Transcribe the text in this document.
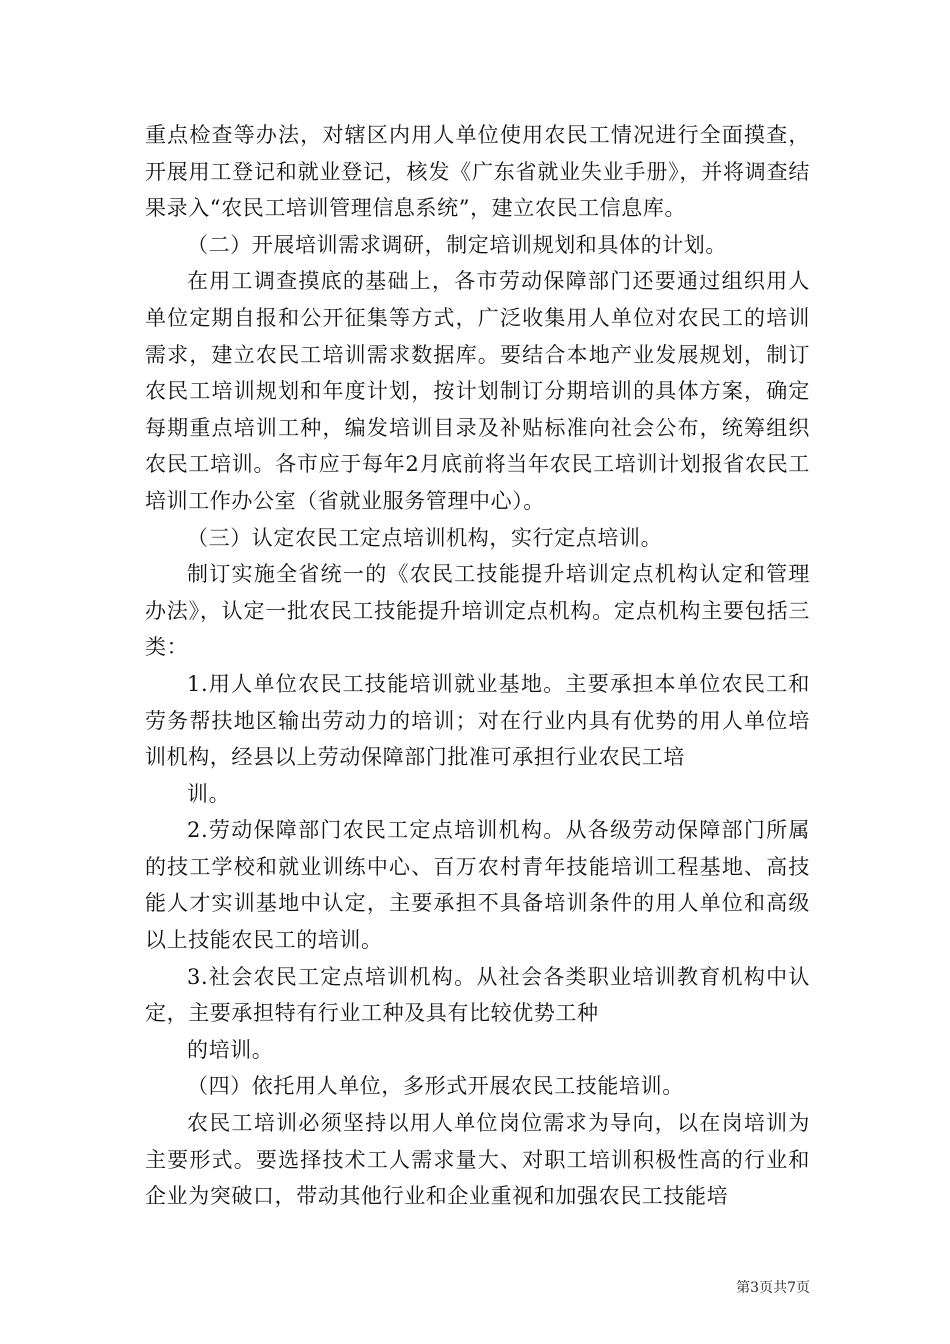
重点检查等办法，对辖区内用人单位使用农民工情况进行全面摸查，开展用工登记和就业登记，核发《广东省就业失业手册》，并将调查结果录入“农民工培训管理信息系统”，建立农民工信息库。

（二）开展培训需求调研，制定培训规划和具体的计划。

在用工调查摸底的基础上，各市劳动保障部门还要通过组织用人单位定期自报和公开征集等方式，广泛收集用人单位对农民工的培训需求，建立农民工培训需求数据库。要结合本地产业发展规划，制订农民工培训规划和年度计划，按计划制订分期培训的具体方案，确定每期重点培训工种，编发培训目录及补贴标准向社会公布，统筹组织农民工培训。各市应于每年2月底前将当年农民工培训计划报省农民工培训工作办公室（省就业服务管理中心）。

（三）认定农民工定点培训机构，实行定点培训。

制订实施全省统一的《农民工技能提升培训定点机构认定和管理办法》，认定一批农民工技能提升培训定点机构。定点机构主要包括三类：

1.用人单位农民工技能培训就业基地。主要承担本单位农民工和劳务帮扶地区输出劳动力的培训；对在行业内具有优势的用人单位培训机构，经县以上劳动保障部门批准可承担行业农民工培

训。

2.劳动保障部门农民工定点培训机构。从各级劳动保障部门所属的技工学校和就业训练中心、百万农村青年技能培训工程基地、高技能人才实训基地中认定，主要承担不具备培训条件的用人单位和高级以上技能农民工的培训。

3.社会农民工定点培训机构。从社会各类职业培训教育机构中认定，主要承担特有行业工种及具有比较优势工种

的培训。

（四）依托用人单位，多形式开展农民工技能培训。

农民工培训必须坚持以用人单位岗位需求为导向，以在岗培训为主要形式。要选择技术工人需求量大、对职工培训积极性高的行业和企业为突破口，带动其他行业和企业重视和加强农民工技能培

第3页共7页
